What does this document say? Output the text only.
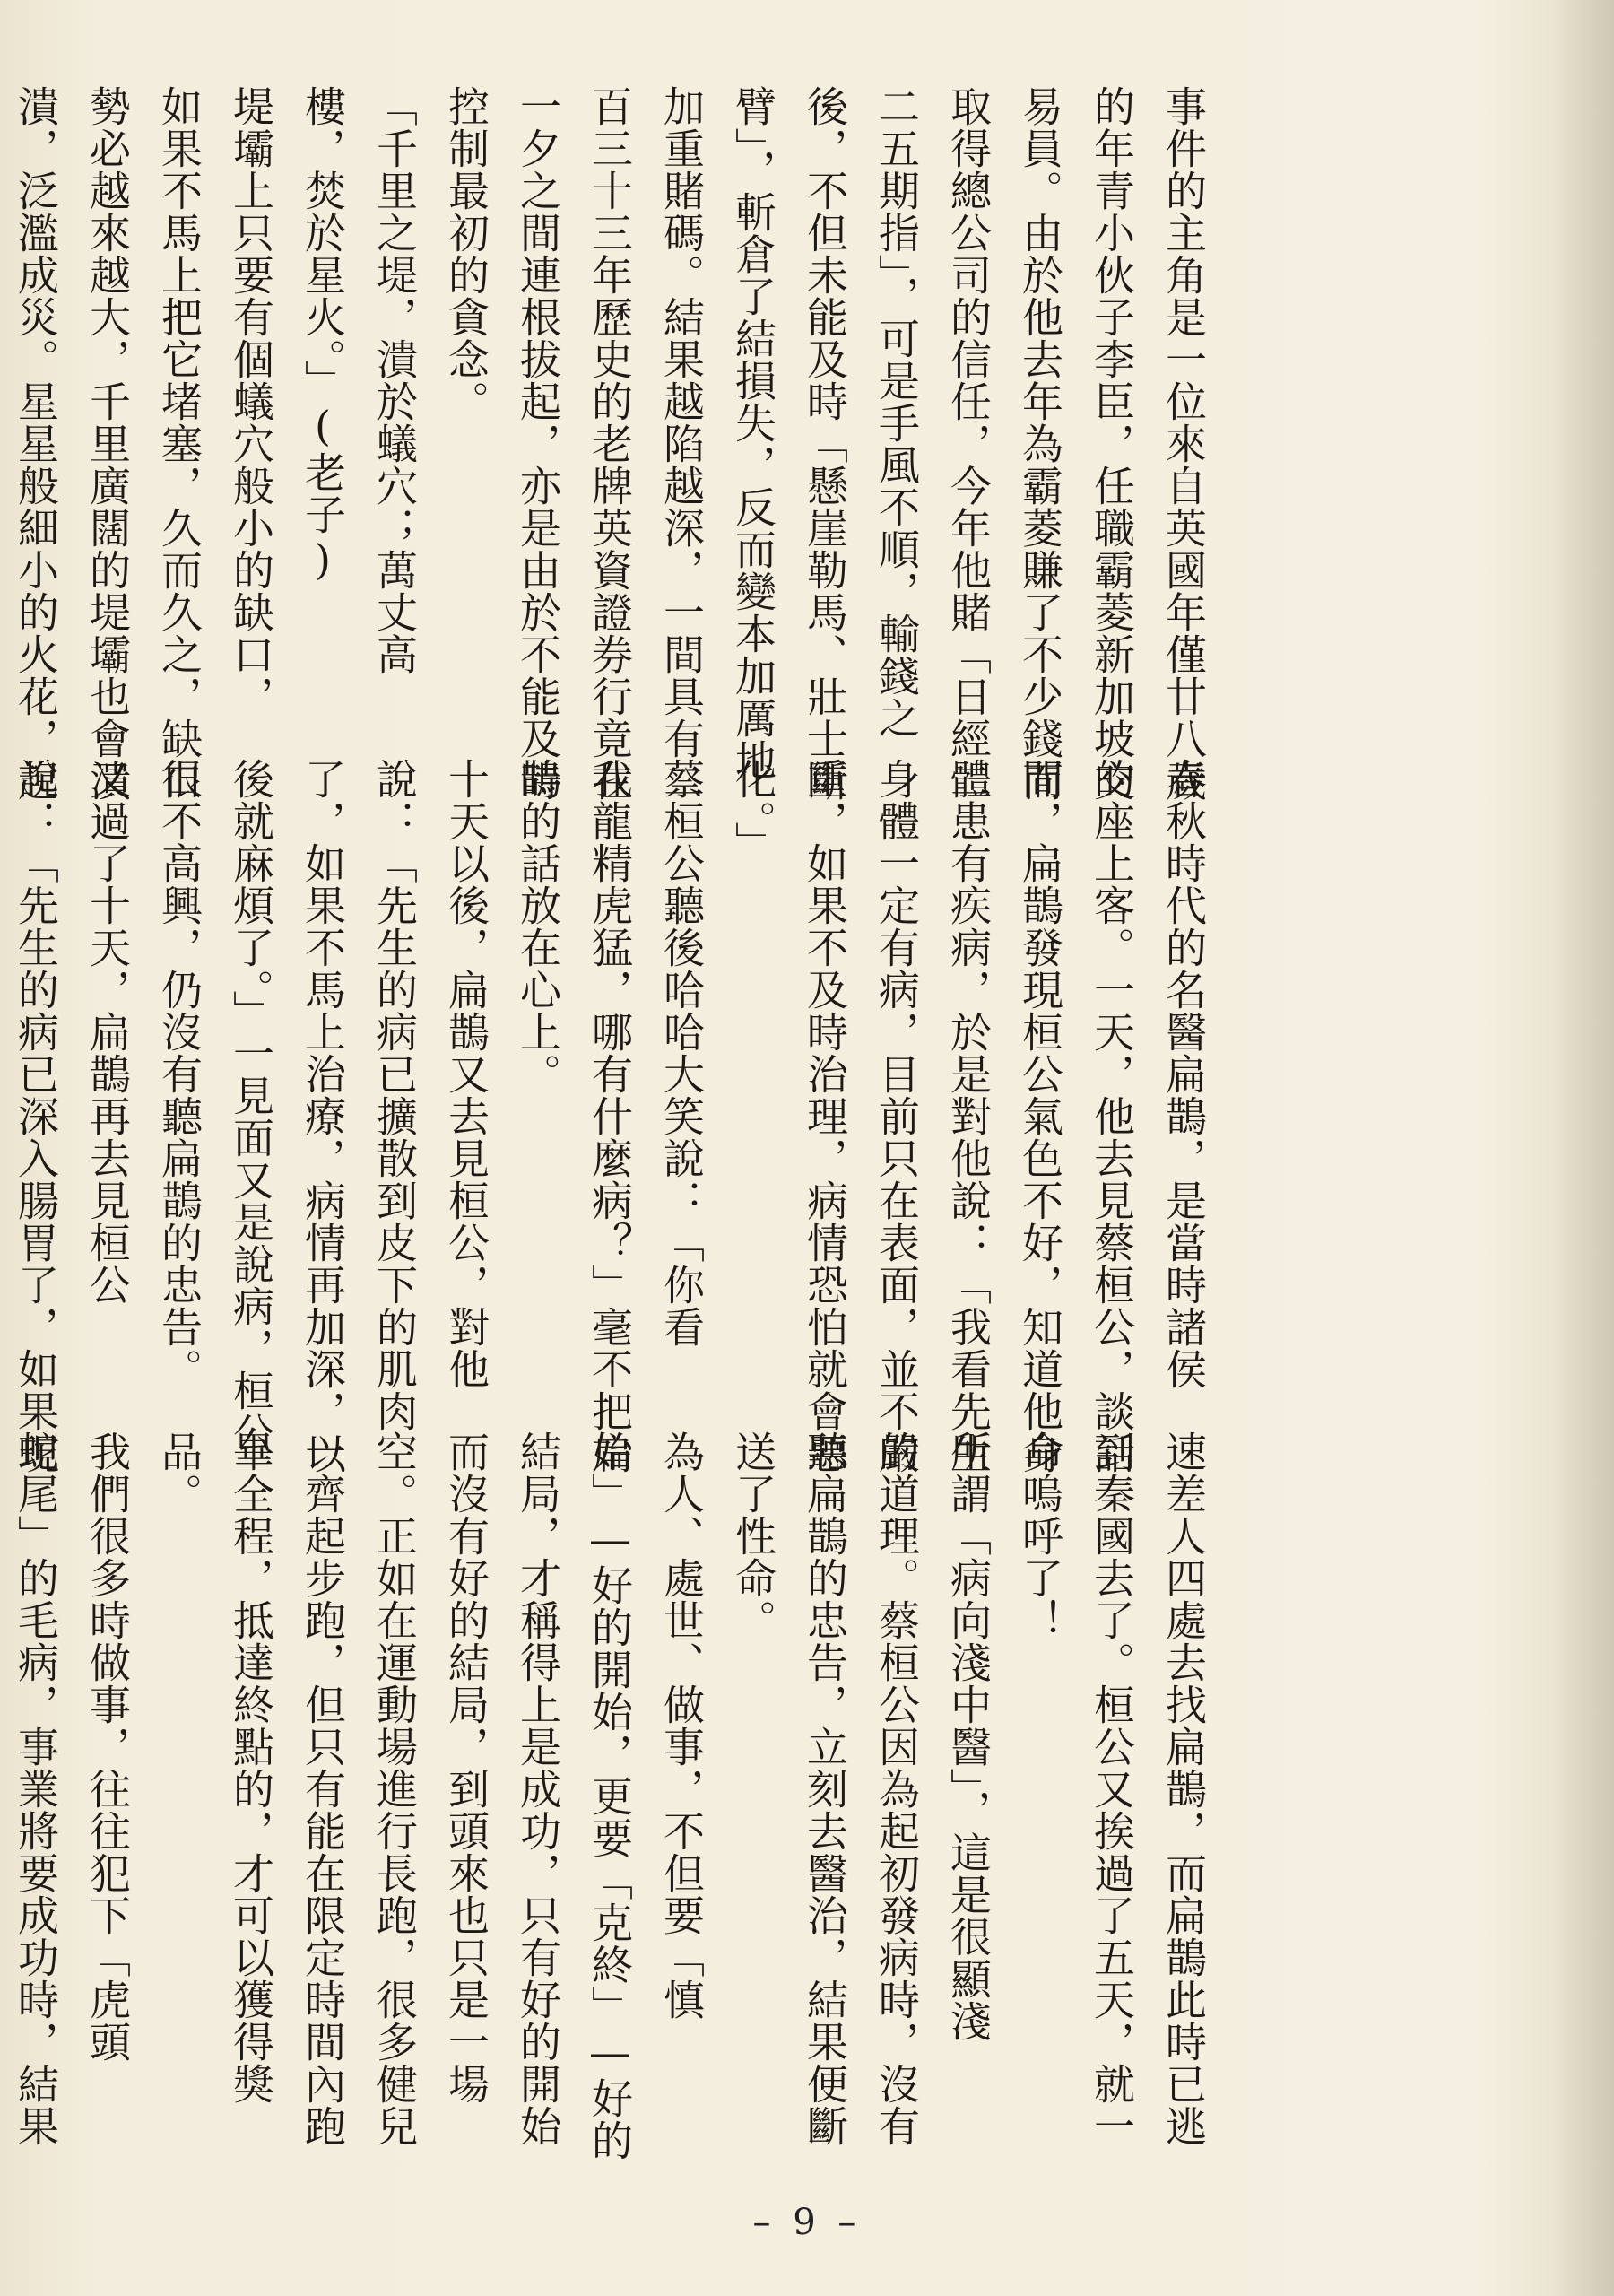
事件的主角是一位來自英國年僅廿八歲

的年青小伙子李臣，任職霸菱新加坡交

易員。由於他去年為霸菱賺了不少錢而

取得總公司的信任，今年他賭「日經二

二五期指」，可是手風不順，輸錢之

後，不但未能及時「懸崖勒馬、壯士斷

臂」，斬倉了結損失，反而變本加厲地

加重賭碼。結果越陷越深，一間具有二

百三十三年歷史的老牌英資證券行竟在

一夕之間連根拔起，亦是由於不能及時

控制最初的貪念。

「千里之堤，潰於蟻穴；萬丈高

樓，焚於星火。」(老子)

堤壩上只要有個蟻穴般小的缺口，

如果不馬上把它堵塞，久而久之，缺口

勢必越來越大，千里廣闊的堤壩也會潰

潰，泛濫成災。星星般細小的火花，起

春秋時代的名醫扁鵲，是當時諸侯

的座上客。一天，他去見蔡桓公，談話

間，扁鵲發現桓公氣色不好，知道他身

體患有疾病，於是對他說：「我看先生

身體一定有病，目前只在表面，並不嚴

重，如果不及時治理，病情恐怕就會惡

化。」

蔡桓公聽後哈哈大笑說：「你看

我龍精虎猛，哪有什麼病？」毫不把扁

鵲的話放在心上。

十天以後，扁鵲又去見桓公，對他

說：「先生的病已擴散到皮下的肌肉

了，如果不馬上治療，病情再加深，以

後就麻煩了。」一見面又是說病，桓公

很不高興，仍沒有聽扁鵲的忠告。

又過了十天，扁鵲再去見桓公

說：「先生的病已深入腸胃了，如果現

速差人四處去找扁鵲，而扁鵲此時已逃

到秦國去了。桓公又挨過了五天，就一

命嗚呼了！

所謂「病向淺中醫」，這是很顯淺

的道理。蔡桓公因為起初發病時，沒有

聽扁鵲的忠告，立刻去醫治，結果便斷

送了性命。

為人、處世、做事，不但要「慎

始」—好的開始，更要「克終」—好的

結局，才稱得上是成功，只有好的開始

而沒有好的結局，到頭來也只是一場

空。正如在運動場進行長跑，很多健兒

一齊起步跑，但只有能在限定時間內跑

畢全程，抵達終點的，才可以獲得獎

品。

我們很多時做事，往往犯下「虎頭

蛇尾」的毛病，事業將要成功時，結果

– 9 –
